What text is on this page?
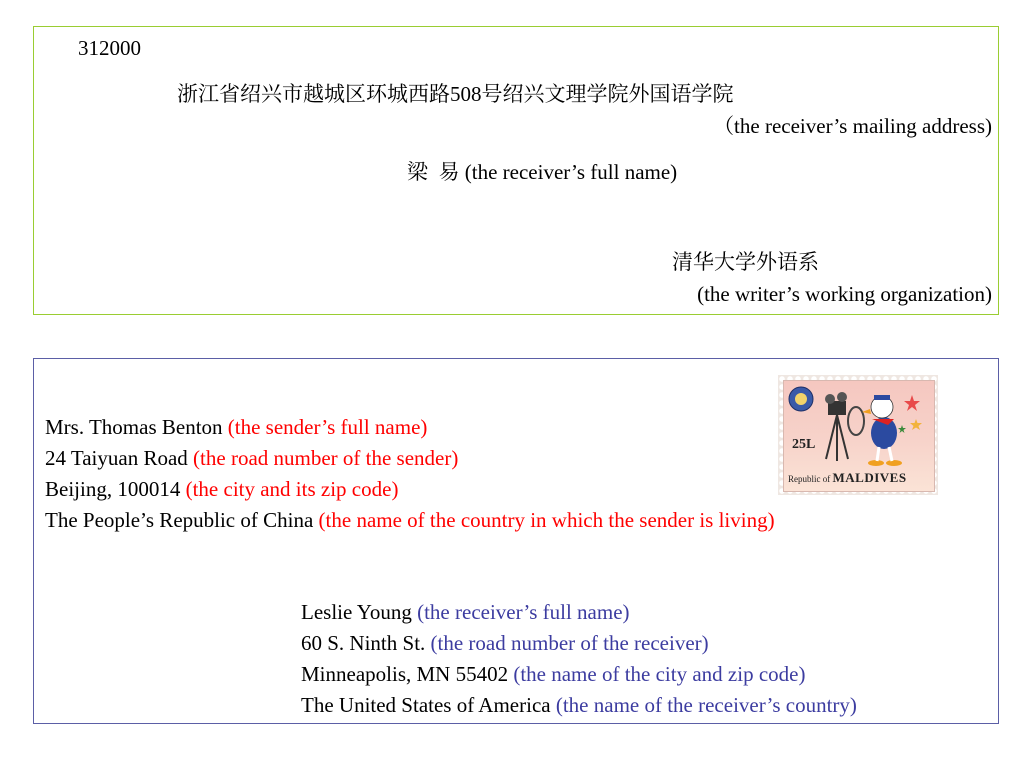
312000
浙江省绍兴市越城区环城西路508号绍兴文理学院外国语学院
（the receiver’s mailing address)
梁  易 (the receiver’s full name)
清华大学外语系
(the writer’s working organization)
25L
Republic of MALDIVES
Mrs. Thomas Benton (the sender’s full name)
24 Taiyuan Road (the road number of the sender)
Beijing, 100014 (the city and its zip code)
The People’s Republic of China (the name of the country in which the sender is living)
Leslie Young (the receiver’s full name)
60 S. Ninth St. (the road number of the receiver)
Minneapolis, MN 55402 (the name of the city and zip code)
The United States of America (the name of the receiver’s country)
